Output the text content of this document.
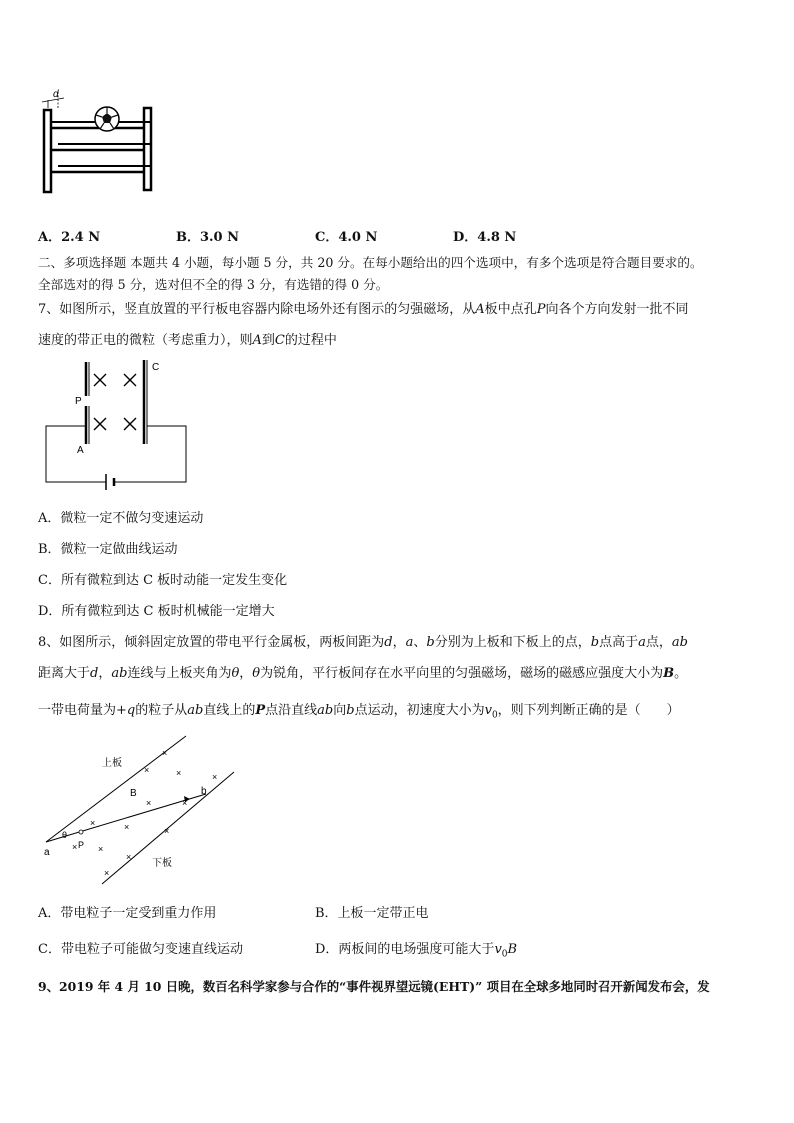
d
A．2.4 N	B．3.0 N	C．4.0 N	D．4.8 N
二、多项选择题 本题共 4 小题，每小题 5 分，共 20 分。在每小题给出的四个选项中，有多个选项是符合题目要求的。
全部选对的得 5 分，选对但不全的得 3 分，有选错的得 0 分。
7、如图所示，竖直放置的平行板电容器内除电场外还有图示的匀强磁场，从A板中点孔P向各个方向发射一批不同
速度的带正电的微粒（考虑重力），则A到C的过程中
C
P
A
A．微粒一定不做匀变速运动
B．微粒一定做曲线运动
C．所有微粒到达 C 板时动能一定发生变化
D．所有微粒到达 C 板时机械能一定增大
8、如图所示，倾斜固定放置的带电平行金属板，两板间距为d，a、b分别为上板和下板上的点，b点高于a点，ab
距离大于d，ab连线与上板夹角为θ，θ为锐角，平行板间存在水平向里的匀强磁场，磁场的磁感应强度大小为B。
一带电荷量为+q的粒子从ab直线上的P点沿直线ab向b点运动，初速度大小为$v_0$，则下列判断正确的是（　　）
×
×	×	×
×	×
×	×	×
×
×
×
×
上板
下板
B	b
a
θ
P
A．带电粒子一定受到重力作用	B．上板一定带正电
C．带电粒子可能做匀变速直线运动	D．两板间的电场强度可能大于$v_0B$
9、2019 年 4 月 10 日晚，数百名科学家参与合作的“事件视界望远镜(EHT)” 项目在全球多地同时召开新闻发布会，发
